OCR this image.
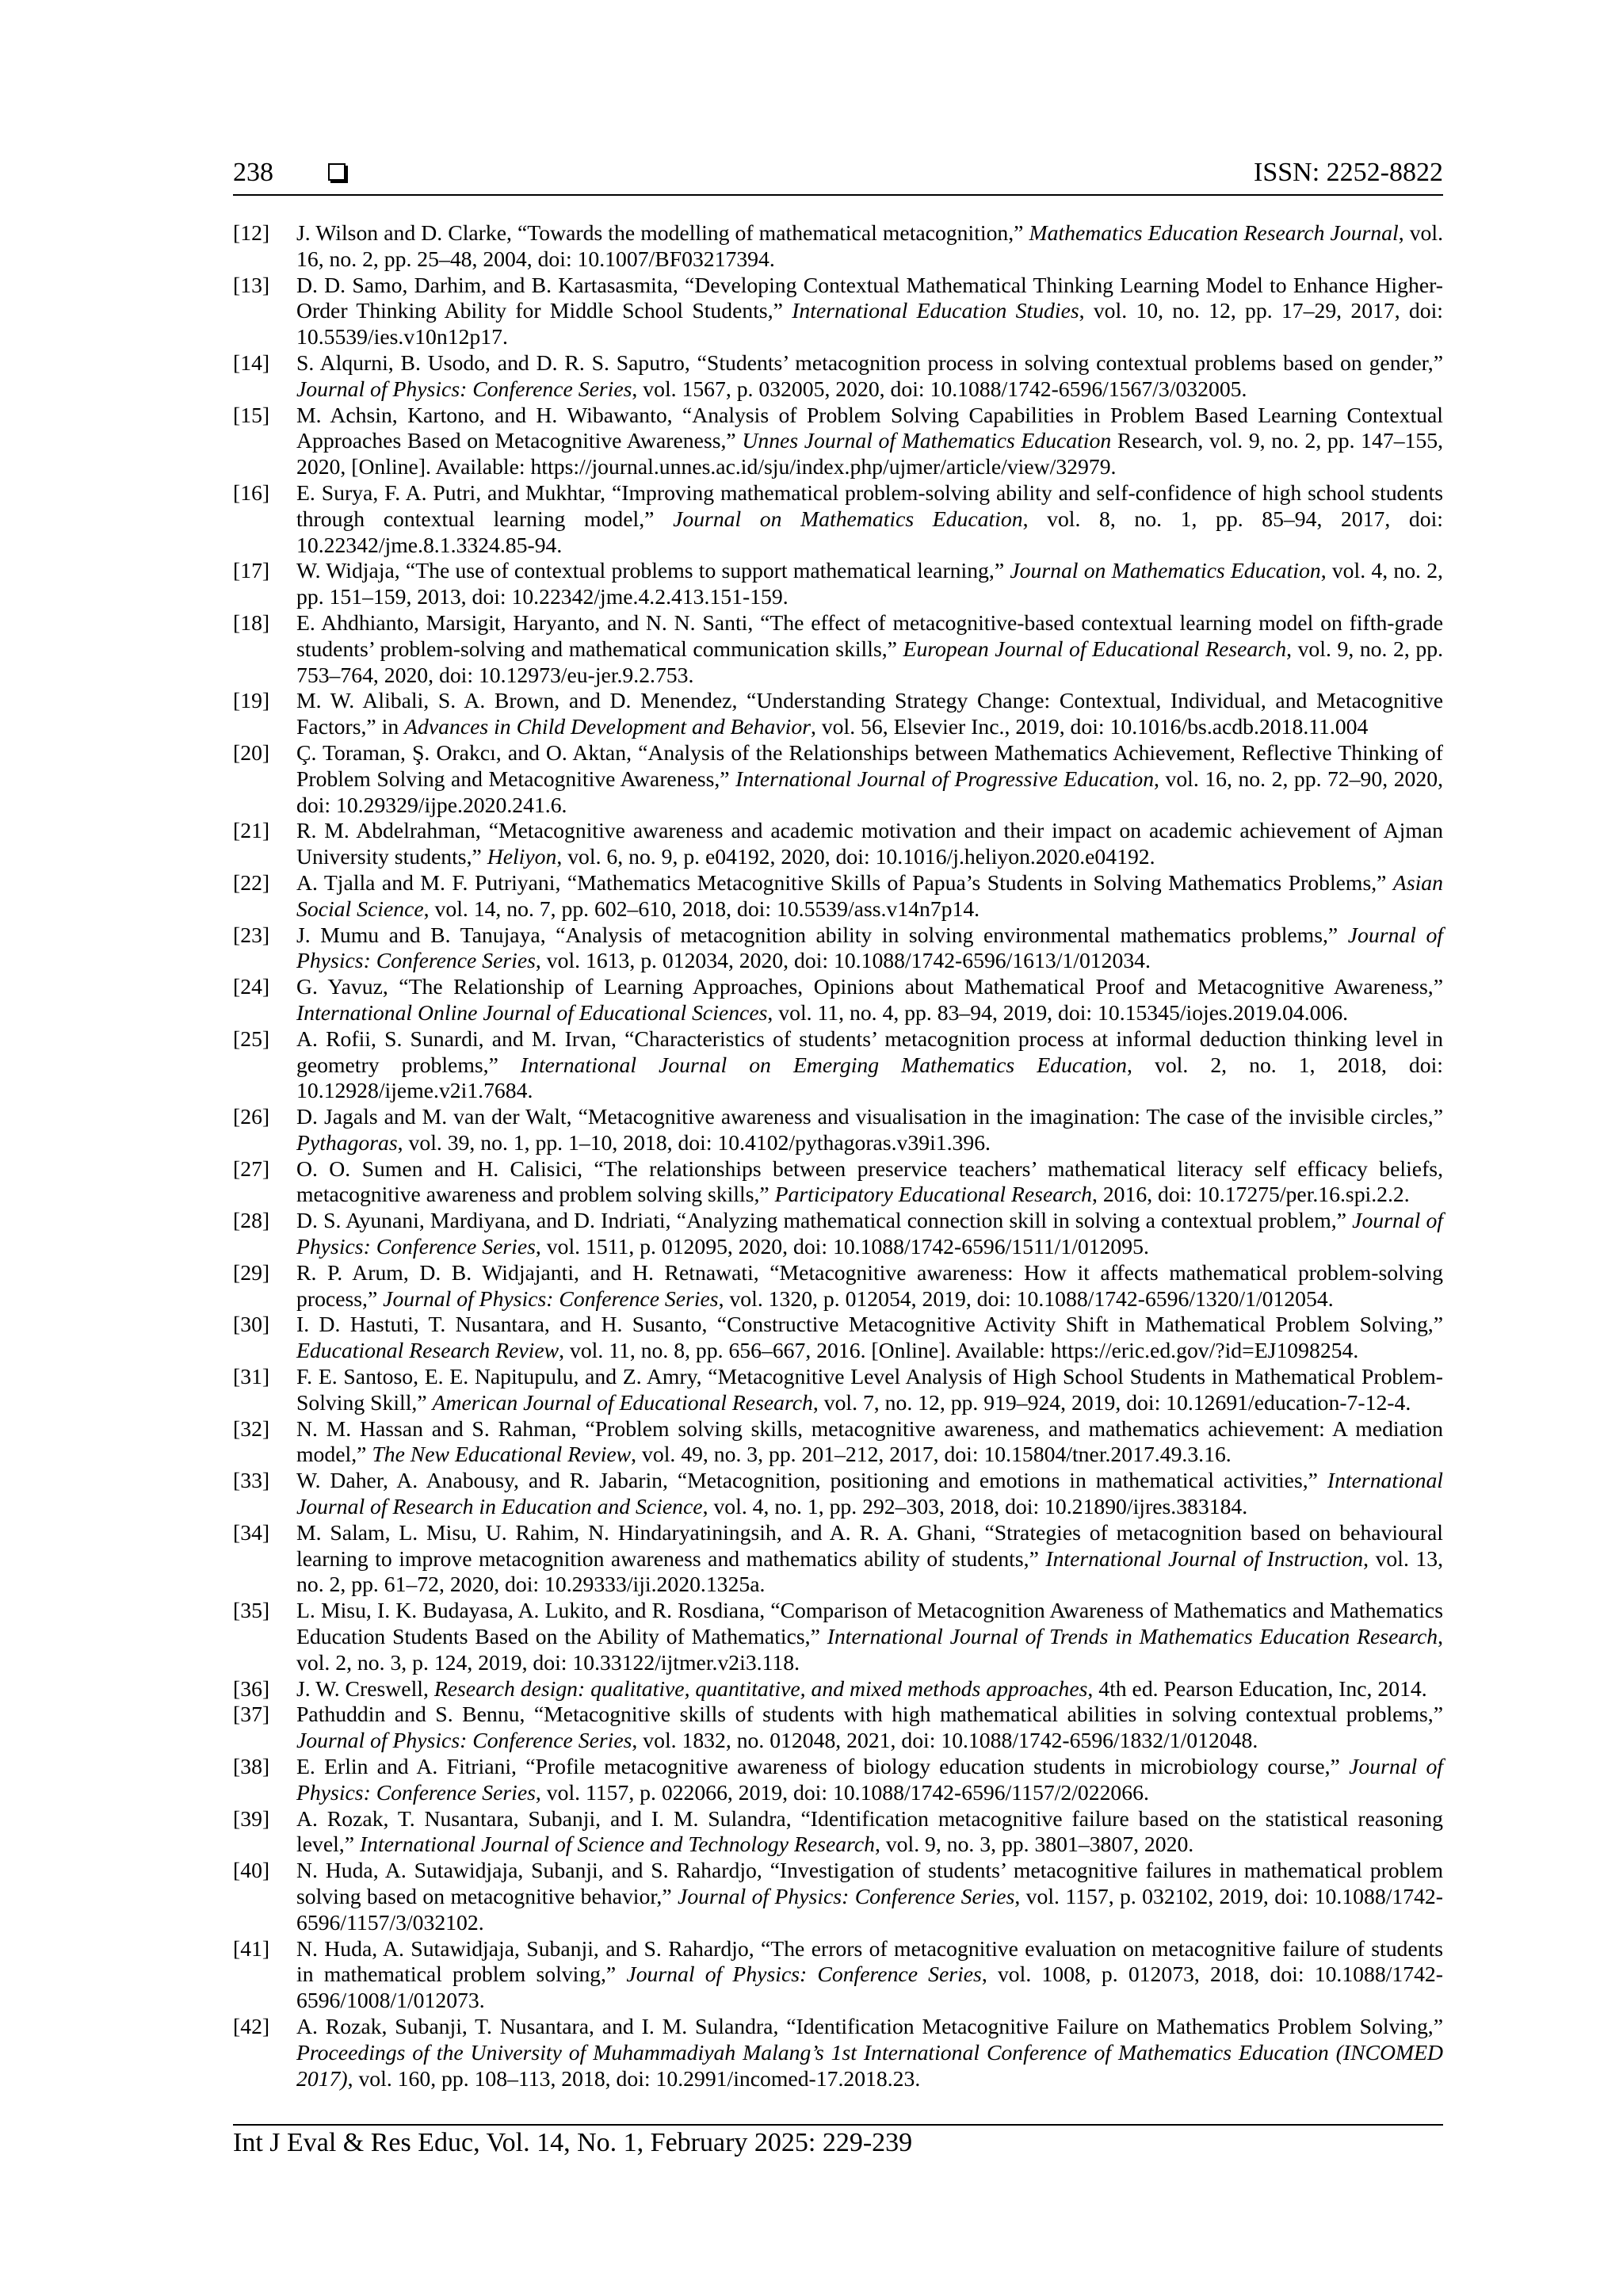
238	ISSN: 2252-8822
[12]	J. Wilson and D. Clarke, “Towards the modelling of mathematical metacognition,” Mathematics Education Research Journal, vol. 16, no. 2, pp. 25–48, 2004, doi: 10.1007/BF03217394.
[13]	D. D. Samo, Darhim, and B. Kartasasmita, “Developing Contextual Mathematical Thinking Learning Model to Enhance Higher-Order Thinking Ability for Middle School Students,” International Education Studies, vol. 10, no. 12, pp. 17–29, 2017, doi: 10.5539/ies.v10n12p17.
[14]	S. Alqurni, B. Usodo, and D. R. S. Saputro, “Students’ metacognition process in solving contextual problems based on gender,” Journal of Physics: Conference Series, vol. 1567, p. 032005, 2020, doi: 10.1088/1742-6596/1567/3/032005.
[15]	M. Achsin, Kartono, and H. Wibawanto, “Analysis of Problem Solving Capabilities in Problem Based Learning Contextual Approaches Based on Metacognitive Awareness,” Unnes Journal of Mathematics Education Research, vol. 9, no. 2, pp. 147–155, 2020, [Online]. Available: https://journal.unnes.ac.id/sju/index.php/ujmer/article/view/32979.
[16]	E. Surya, F. A. Putri, and Mukhtar, “Improving mathematical problem-solving ability and self-confidence of high school students through contextual learning model,” Journal on Mathematics Education, vol. 8, no. 1, pp. 85–94, 2017, doi: 10.22342/jme.8.1.3324.85-94.
[17]	W. Widjaja, “The use of contextual problems to support mathematical learning,” Journal on Mathematics Education, vol. 4, no. 2, pp. 151–159, 2013, doi: 10.22342/jme.4.2.413.151-159.
[18]	E. Ahdhianto, Marsigit, Haryanto, and N. N. Santi, “The effect of metacognitive-based contextual learning model on fifth-grade students’ problem-solving and mathematical communication skills,” European Journal of Educational Research, vol. 9, no. 2, pp. 753–764, 2020, doi: 10.12973/eu-jer.9.2.753.
[19]	M. W. Alibali, S. A. Brown, and D. Menendez, “Understanding Strategy Change: Contextual, Individual, and Metacognitive Factors,” in Advances in Child Development and Behavior, vol. 56, Elsevier Inc., 2019, doi: 10.1016/bs.acdb.2018.11.004
[20]	Ç. Toraman, Ş. Orakcı, and O. Aktan, “Analysis of the Relationships between Mathematics Achievement, Reflective Thinking of Problem Solving and Metacognitive Awareness,” International Journal of Progressive Education, vol. 16, no. 2, pp. 72–90, 2020, doi: 10.29329/ijpe.2020.241.6.
[21]	R. M. Abdelrahman, “Metacognitive awareness and academic motivation and their impact on academic achievement of Ajman University students,” Heliyon, vol. 6, no. 9, p. e04192, 2020, doi: 10.1016/j.heliyon.2020.e04192.
[22]	A. Tjalla and M. F. Putriyani, “Mathematics Metacognitive Skills of Papua’s Students in Solving Mathematics Problems,” Asian Social Science, vol. 14, no. 7, pp. 602–610, 2018, doi: 10.5539/ass.v14n7p14.
[23]	J. Mumu and B. Tanujaya, “Analysis of metacognition ability in solving environmental mathematics problems,” Journal of Physics: Conference Series, vol. 1613, p. 012034, 2020, doi: 10.1088/1742-6596/1613/1/012034.
[24]	G. Yavuz, “The Relationship of Learning Approaches, Opinions about Mathematical Proof and Metacognitive Awareness,” International Online Journal of Educational Sciences, vol. 11, no. 4, pp. 83–94, 2019, doi: 10.15345/iojes.2019.04.006.
[25]	A. Rofii, S. Sunardi, and M. Irvan, “Characteristics of students’ metacognition process at informal deduction thinking level in geometry problems,” International Journal on Emerging Mathematics Education, vol. 2, no. 1, 2018, doi: 10.12928/ijeme.v2i1.7684.
[26]	D. Jagals and M. van der Walt, “Metacognitive awareness and visualisation in the imagination: The case of the invisible circles,” Pythagoras, vol. 39, no. 1, pp. 1–10, 2018, doi: 10.4102/pythagoras.v39i1.396.
[27]	O. O. Sumen and H. Calisici, “The relationships between preservice teachers’ mathematical literacy self efficacy beliefs, metacognitive awareness and problem solving skills,” Participatory Educational Research, 2016, doi: 10.17275/per.16.spi.2.2.
[28]	D. S. Ayunani, Mardiyana, and D. Indriati, “Analyzing mathematical connection skill in solving a contextual problem,” Journal of Physics: Conference Series, vol. 1511, p. 012095, 2020, doi: 10.1088/1742-6596/1511/1/012095.
[29]	R. P. Arum, D. B. Widjajanti, and H. Retnawati, “Metacognitive awareness: How it affects mathematical problem-solving process,” Journal of Physics: Conference Series, vol. 1320, p. 012054, 2019, doi: 10.1088/1742-6596/1320/1/012054.
[30]	I. D. Hastuti, T. Nusantara, and H. Susanto, “Constructive Metacognitive Activity Shift in Mathematical Problem Solving,” Educational Research Review, vol. 11, no. 8, pp. 656–667, 2016. [Online]. Available: https://eric.ed.gov/?id=EJ1098254.
[31]	F. E. Santoso, E. E. Napitupulu, and Z. Amry, “Metacognitive Level Analysis of High School Students in Mathematical Problem-Solving Skill,” American Journal of Educational Research, vol. 7, no. 12, pp. 919–924, 2019, doi: 10.12691/education-7-12-4.
[32]	N. M. Hassan and S. Rahman, “Problem solving skills, metacognitive awareness, and mathematics achievement: A mediation model,” The New Educational Review, vol. 49, no. 3, pp. 201–212, 2017, doi: 10.15804/tner.2017.49.3.16.
[33]	W. Daher, A. Anabousy, and R. Jabarin, “Metacognition, positioning and emotions in mathematical activities,” International Journal of Research in Education and Science, vol. 4, no. 1, pp. 292–303, 2018, doi: 10.21890/ijres.383184.
[34]	M. Salam, L. Misu, U. Rahim, N. Hindaryatiningsih, and A. R. A. Ghani, “Strategies of metacognition based on behavioural learning to improve metacognition awareness and mathematics ability of students,” International Journal of Instruction, vol. 13, no. 2, pp. 61–72, 2020, doi: 10.29333/iji.2020.1325a.
[35]	L. Misu, I. K. Budayasa, A. Lukito, and R. Rosdiana, “Comparison of Metacognition Awareness of Mathematics and Mathematics Education Students Based on the Ability of Mathematics,” International Journal of Trends in Mathematics Education Research, vol. 2, no. 3, p. 124, 2019, doi: 10.33122/ijtmer.v2i3.118.
[36]	J. W. Creswell, Research design: qualitative, quantitative, and mixed methods approaches, 4th ed. Pearson Education, Inc, 2014.
[37]	Pathuddin and S. Bennu, “Metacognitive skills of students with high mathematical abilities in solving contextual problems,” Journal of Physics: Conference Series, vol. 1832, no. 012048, 2021, doi: 10.1088/1742-6596/1832/1/012048.
[38]	E. Erlin and A. Fitriani, “Profile metacognitive awareness of biology education students in microbiology course,” Journal of Physics: Conference Series, vol. 1157, p. 022066, 2019, doi: 10.1088/1742-6596/1157/2/022066.
[39]	A. Rozak, T. Nusantara, Subanji, and I. M. Sulandra, “Identification metacognitive failure based on the statistical reasoning level,” International Journal of Science and Technology Research, vol. 9, no. 3, pp. 3801–3807, 2020.
[40]	N. Huda, A. Sutawidjaja, Subanji, and S. Rahardjo, “Investigation of students’ metacognitive failures in mathematical problem solving based on metacognitive behavior,” Journal of Physics: Conference Series, vol. 1157, p. 032102, 2019, doi: 10.1088/1742-6596/1157/3/032102.
[41]	N. Huda, A. Sutawidjaja, Subanji, and S. Rahardjo, “The errors of metacognitive evaluation on metacognitive failure of students in mathematical problem solving,” Journal of Physics: Conference Series, vol. 1008, p. 012073, 2018, doi: 10.1088/1742-6596/1008/1/012073.
[42]	A. Rozak, Subanji, T. Nusantara, and I. M. Sulandra, “Identification Metacognitive Failure on Mathematics Problem Solving,” Proceedings of the University of Muhammadiyah Malang’s 1st International Conference of Mathematics Education (INCOMED 2017), vol. 160, pp. 108–113, 2018, doi: 10.2991/incomed-17.2018.23.
Int J Eval & Res Educ, Vol. 14, No. 1, February 2025: 229-239
